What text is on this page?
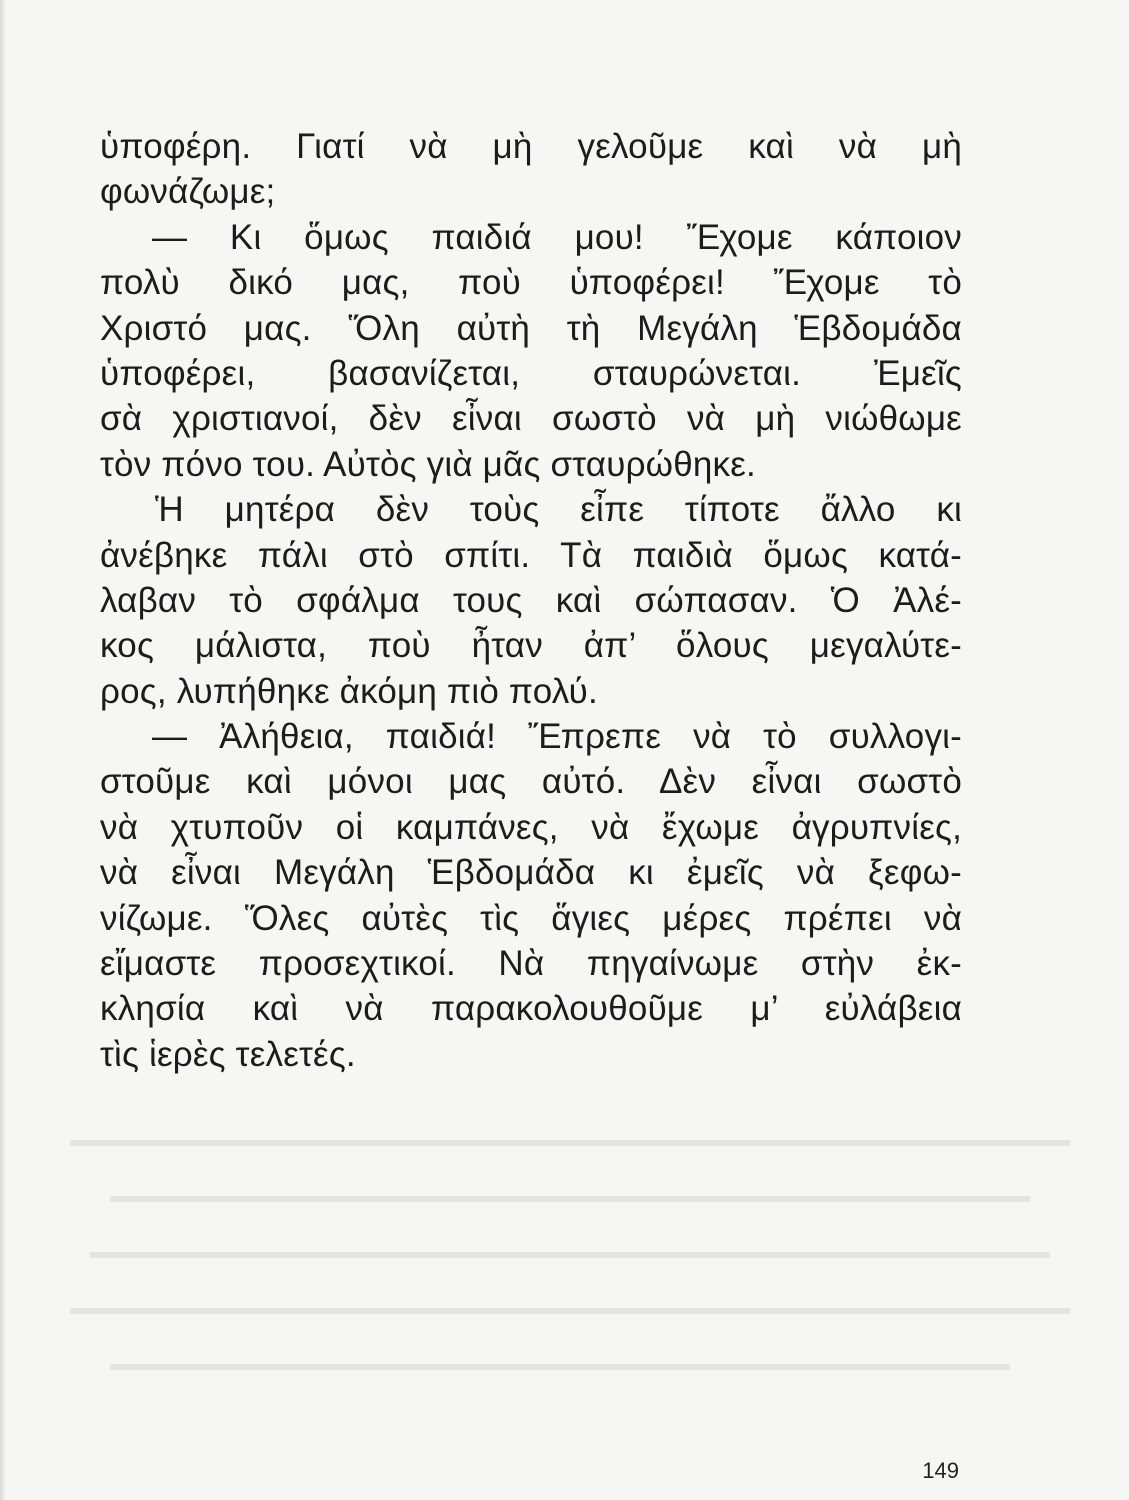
ὑποφέρη. Γιατί νὰ μὴ γελοῦμε καὶ νὰ μὴ
φωνάζωμε;
— Κι ὅμως παιδιά μου! Ἔχομε κάποιον
πολὺ δικό μας, ποὺ ὑποφέρει! Ἔχομε τὸ
Χριστό μας. Ὅλη αὐτὴ τὴ Μεγάλη Ἑβδομάδα
ὑποφέρει, βασανίζεται, σταυρώνεται. Ἐμεῖς
σὰ χριστιανοί, δὲν εἶναι σωστὸ νὰ μὴ νιώθωμε
τὸν πόνο του. Αὐτὸς γιὰ μᾶς σταυρώθηκε.
Ἡ μητέρα δὲν τοὺς εἶπε τίποτε ἄλλο κι
ἀνέβηκε πάλι στὸ σπίτι. Τὰ παιδιὰ ὅμως κατά-
λαβαν τὸ σφάλμα τους καὶ σώπασαν. Ὁ Ἀλέ-
κος μάλιστα, ποὺ ἦταν ἀπ’ ὅλους μεγαλύτε-
ρος, λυπήθηκε ἀκόμη πιὸ πολύ.
— Ἀλήθεια, παιδιά! Ἔπρεπε νὰ τὸ συλλογι-
στοῦμε καὶ μόνοι μας αὐτό. Δὲν εἶναι σωστὸ
νὰ χτυποῦν οἱ καμπάνες, νὰ ἔχωμε ἀγρυπνίες,
νὰ εἶναι Μεγάλη Ἑβδομάδα κι ἐμεῖς νὰ ξεφω-
νίζωμε. Ὅλες αὐτὲς τὶς ἅγιες μέρες πρέπει νὰ
εἴμαστε προσεχτικοί. Νὰ πηγαίνωμε στὴν ἐκ-
κλησία καὶ νὰ παρακολουθοῦμε μ’ εὐλάβεια
τὶς ἱερὲς τελετές.
149
